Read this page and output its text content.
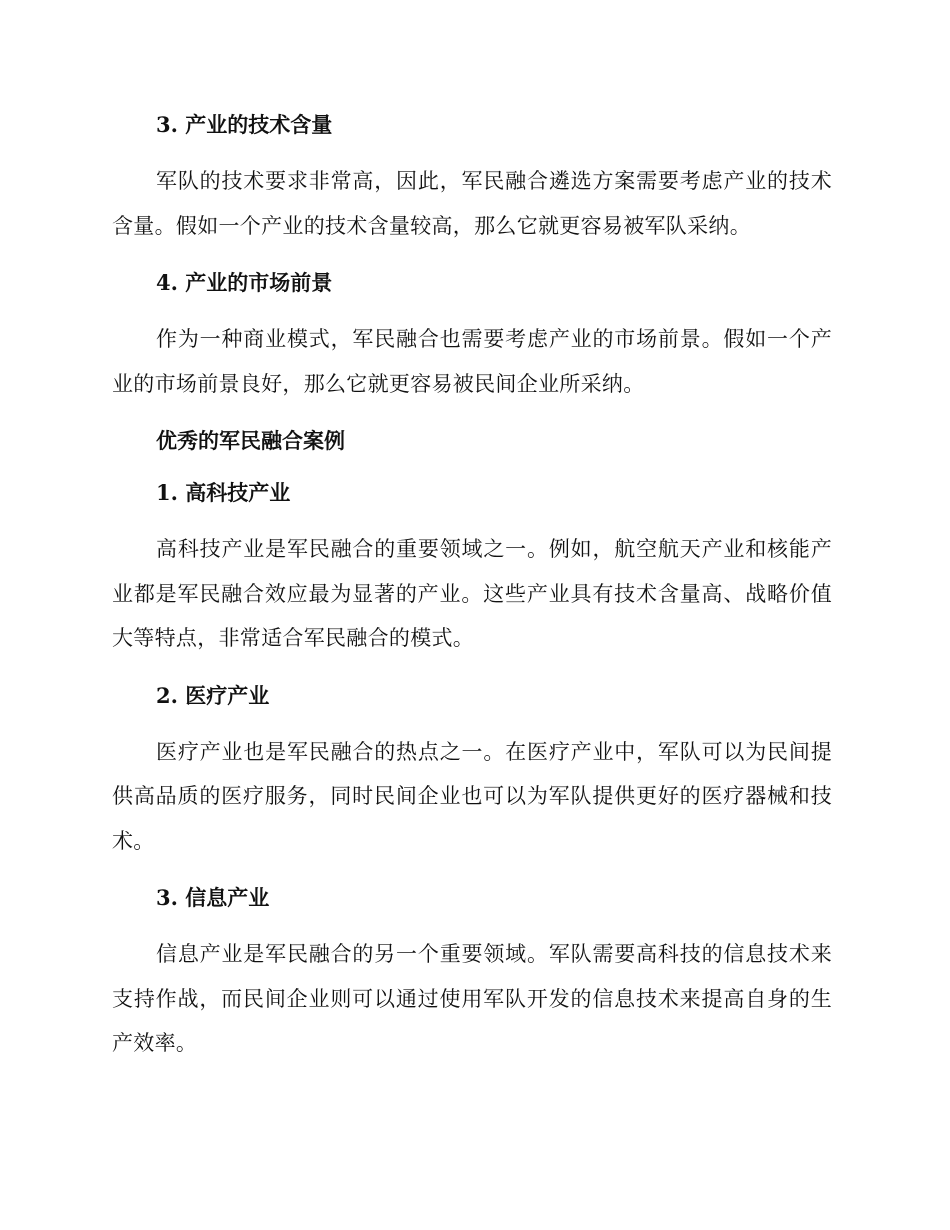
3. 产业的技术含量

军队的技术要求非常高，因此，军民融合遴选方案需要考虑产业的技术含量。假如一个产业的技术含量较高，那么它就更容易被军队采纳。

4. 产业的市场前景

作为一种商业模式，军民融合也需要考虑产业的市场前景。假如一个产业的市场前景良好，那么它就更容易被民间企业所采纳。

优秀的军民融合案例
1. 高科技产业

高科技产业是军民融合的重要领域之一。例如，航空航天产业和核能产业都是军民融合效应最为显著的产业。这些产业具有技术含量高、战略价值大等特点，非常适合军民融合的模式。

2. 医疗产业

医疗产业也是军民融合的热点之一。在医疗产业中，军队可以为民间提供高品质的医疗服务，同时民间企业也可以为军队提供更好的医疗器械和技术。

3. 信息产业

信息产业是军民融合的另一个重要领域。军队需要高科技的信息技术来支持作战，而民间企业则可以通过使用军队开发的信息技术来提高自身的生产效率。
